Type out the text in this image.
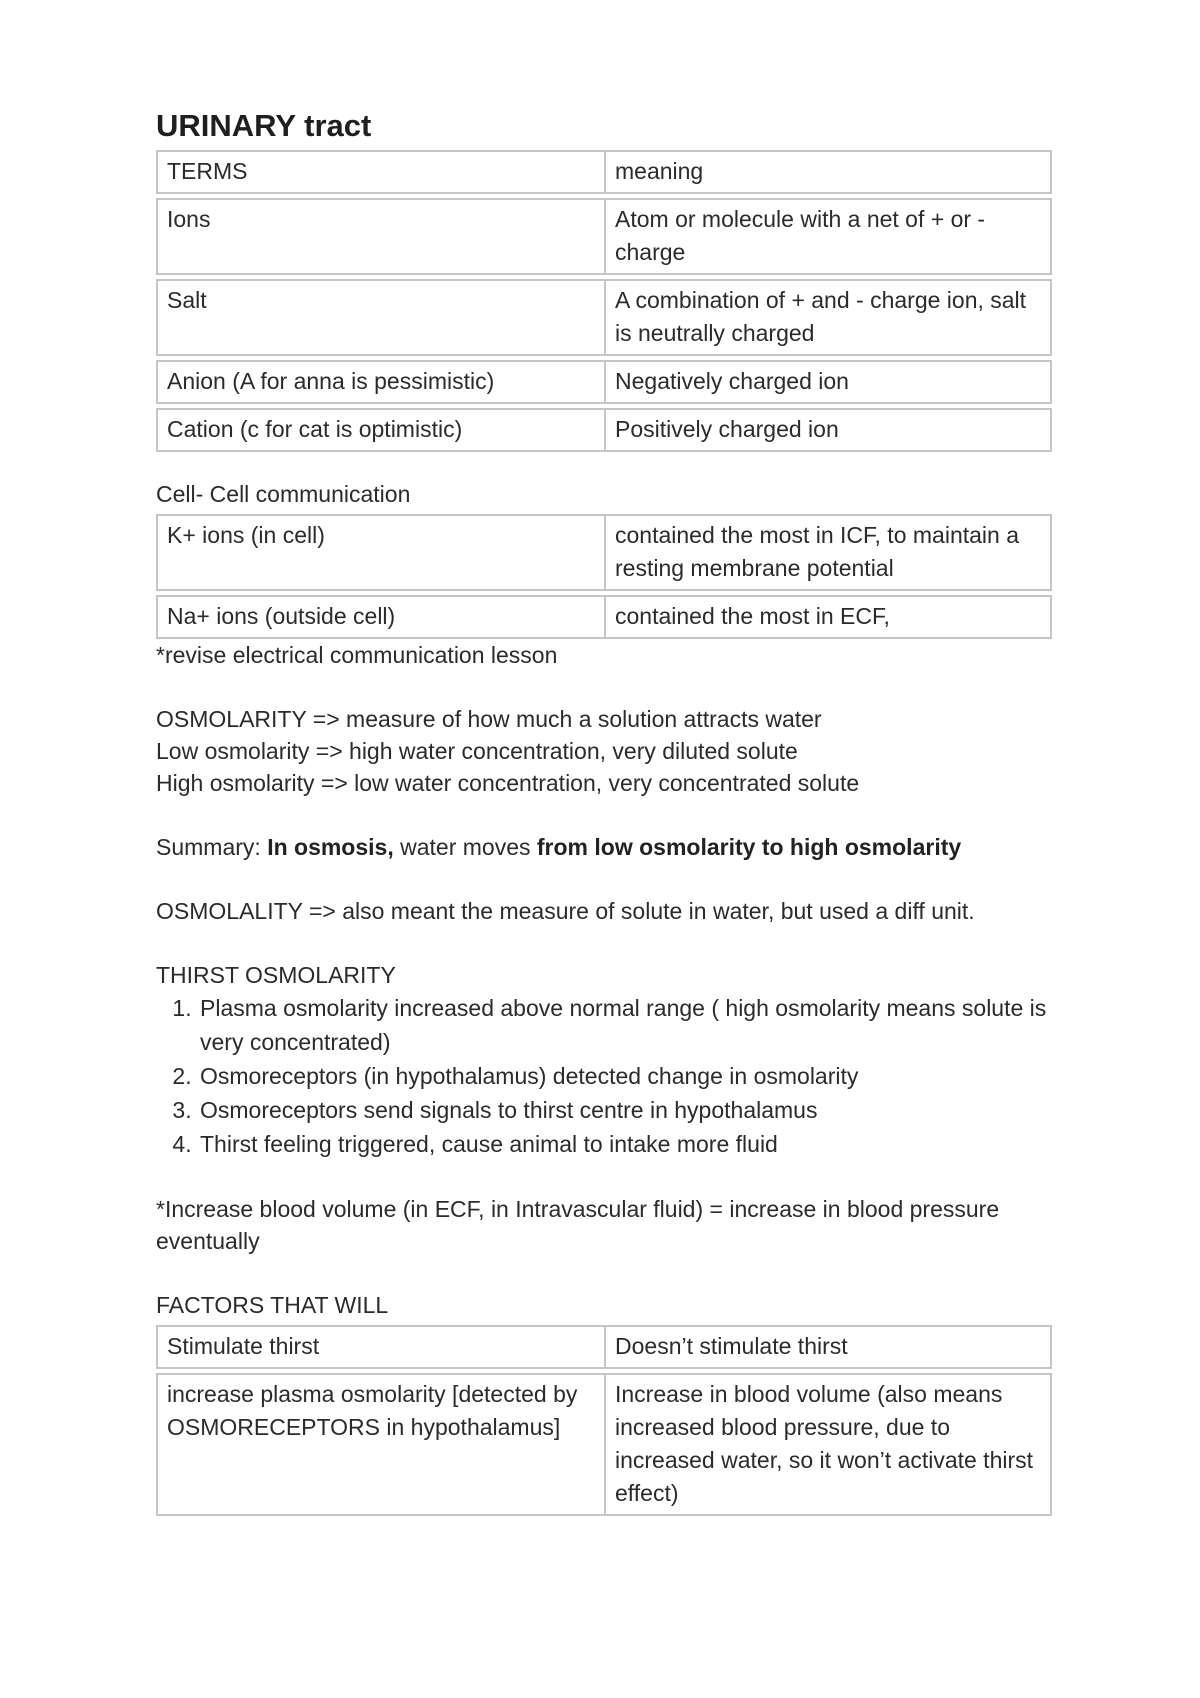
URINARY tract
TERMS	meaning
Ions	Atom or molecule with a net of + or - charge
Salt	A combination of + and - charge ion, salt is neutrally charged
Anion (A for anna is pessimistic)	Negatively charged ion
Cation (c for cat is optimistic)	Positively charged ion

Cell- Cell communication

K+ ions (in cell)	contained the most in ICF, to maintain a resting membrane potential
Na+ ions (outside cell)	contained the most in ECF,

*revise electrical communication lesson

OSMOLARITY => measure of how much a solution attracts water

Low osmolarity => high water concentration, very diluted solute

High osmolarity => low water concentration, very concentrated solute

Summary: In osmosis, water moves from low osmolarity to high osmolarity

OSMOLALITY => also meant the measure of solute in water, but used a diff unit.

THIRST OSMOLARITY

1. Plasma osmolarity increased above normal range ( high osmolarity means solute is very concentrated)
2. Osmoreceptors (in hypothalamus) detected change in osmolarity
3. Osmoreceptors send signals to thirst centre in hypothalamus
4. Thirst feeling triggered, cause animal to intake more fluid

*Increase blood volume (in ECF, in Intravascular fluid) = increase in blood pressure eventually

FACTORS THAT WILL

Stimulate thirst	Doesn’t stimulate thirst
increase plasma osmolarity [detected by OSMORECEPTORS in hypothalamus]	Increase in blood volume (also means increased blood pressure, due to increased water, so it won’t activate thirst effect)
